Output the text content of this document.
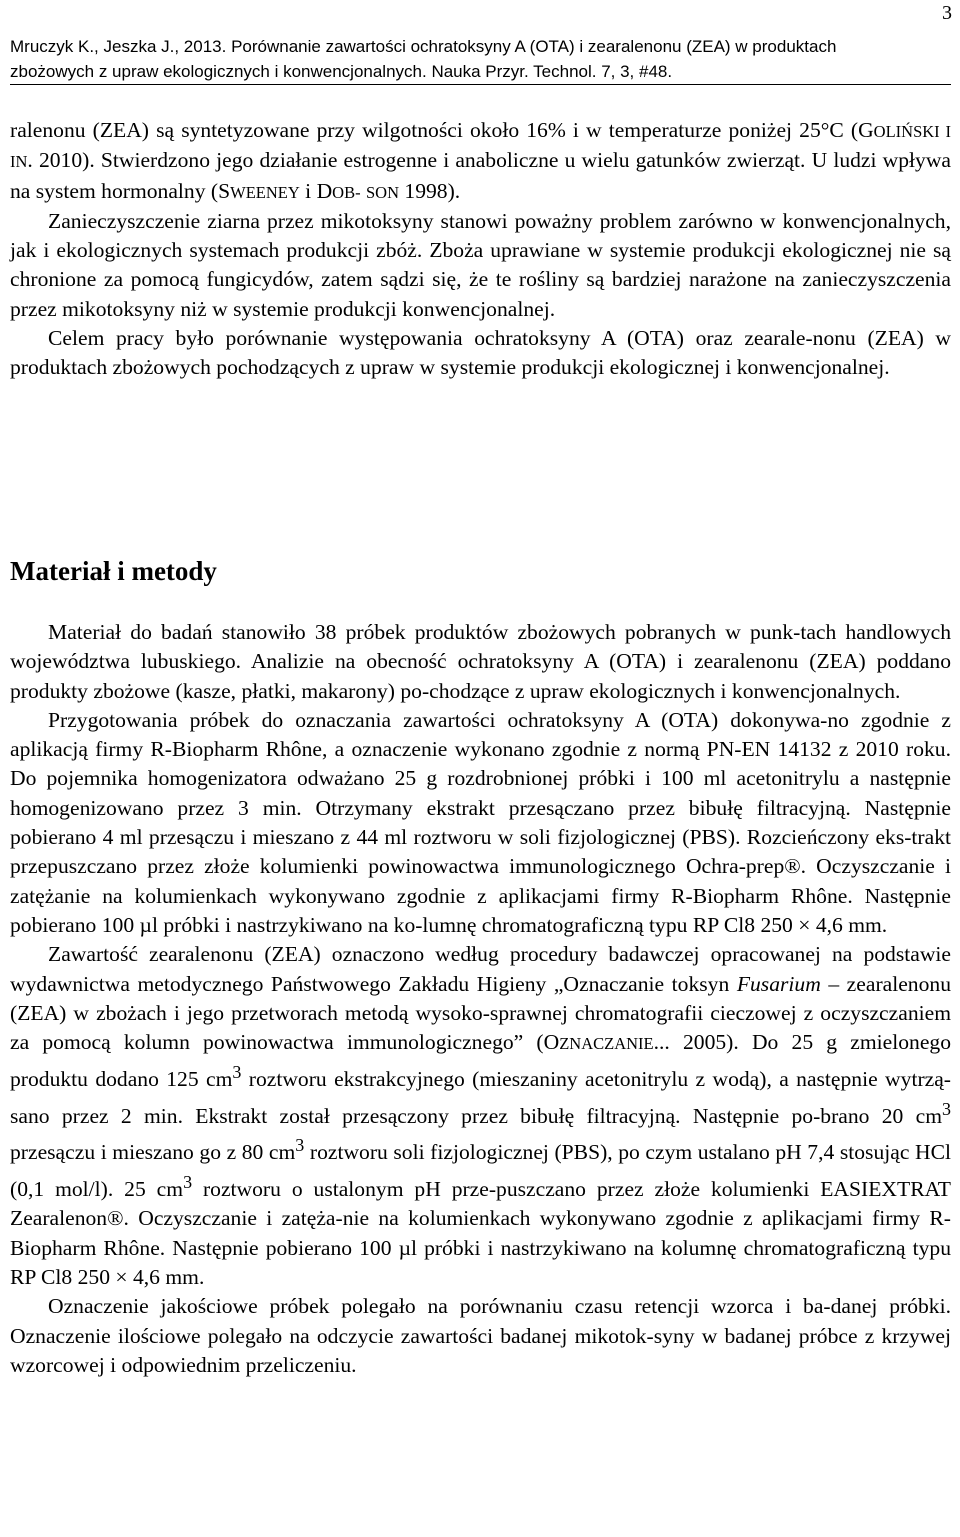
Mruczyk K., Jeszka J., 2013. Porównanie zawartości ochratoksyny A (OTA) i zearalenonu (ZEA) w produktach
zbożowych z upraw ekologicznych i konwencjonalnych. Nauka Przyr. Technol. 7, 3, #48.
3

ralenonu (ZEA) są syntetyzowane przy wilgotności około 16% i w temperaturze poniżej 25°C (GOLIŃSKI I IN. 2010). Stwierdzono jego działanie estrogenne i anaboliczne u wielu gatunków zwierząt. U ludzi wpływa na system hormonalny (SWEENEY i DOB- SON 1998).

Zanieczyszczenie ziarna przez mikotoksyny stanowi poważny problem zarówno w konwencjonalnych, jak i ekologicznych systemach produkcji zbóż. Zboża uprawiane w systemie produkcji ekologicznej nie są chronione za pomocą fungicydów, zatem sądzi się, że te rośliny są bardziej narażone na zanieczyszczenia przez mikotoksyny niż w systemie produkcji konwencjonalnej.

Celem pracy było porównanie występowania ochratoksyny A (OTA) oraz zearale-nonu (ZEA) w produktach zbożowych pochodzących z upraw w systemie produkcji ekologicznej i konwencjonalnej.

Materiał i metody

Materiał do badań stanowiło 38 próbek produktów zbożowych pobranych w punk-tach handlowych województwa lubuskiego. Analizie na obecność ochratoksyny A (OTA) i zearalenonu (ZEA) poddano produkty zbożowe (kasze, płatki, makarony) po-chodzące z upraw ekologicznych i konwencjonalnych.

Przygotowania próbek do oznaczania zawartości ochratoksyny A (OTA) dokonywa-no zgodnie z aplikacją firmy R-Biopharm Rhône, a oznaczenie wykonano zgodnie z normą PN-EN 14132 z 2010 roku. Do pojemnika homogenizatora odważano 25 g rozdrobnionej próbki i 100 ml acetonitrylu a następnie homogenizowano przez 3 min. Otrzymany ekstrakt przesączano przez bibułę filtracyjną. Następnie pobierano 4 ml przesączu i mieszano z 44 ml roztworu w soli fizjologicznej (PBS). Rozcieńczony eks-trakt przepuszczano przez złoże kolumienki powinowactwa immunologicznego Ochra-prep®. Oczyszczanie i zatężanie na kolumienkach wykonywano zgodnie z aplikacjami firmy R-Biopharm Rhône. Następnie pobierano 100 µl próbki i nastrzykiwano na ko-lumnę chromatograficzną typu RP Cl8 250 × 4,6 mm.

Zawartość zearalenonu (ZEA) oznaczono według procedury badawczej opracowanej na podstawie wydawnictwa metodycznego Państwowego Zakładu Higieny „Oznaczanie toksyn Fusarium – zearalenonu (ZEA) w zbożach i jego przetworach metodą wysoko-sprawnej chromatografii cieczowej z oczyszczaniem za pomocą kolumn powinowactwa immunologicznego” (OZNACZANIE... 2005). Do 25 g zmielonego produktu dodano 125 $cm^3$ roztworu ekstrakcyjnego (mieszaniny acetonitrylu z wodą), a następnie wytrzą-sano przez 2 min. Ekstrakt został przesączony przez bibułę filtracyjną. Następnie po-brano 20 $cm^3$ przesączu i mieszano go z 80 $cm^3$ roztworu soli fizjologicznej (PBS), po czym ustalano pH 7,4 stosując HCl (0,1 mol/l). 25 $cm^3$ roztworu o ustalonym pH prze-puszczano przez złoże kolumienki EASIEXTRAT Zearalenon®. Oczyszczanie i zatęża-nie na kolumienkach wykonywano zgodnie z aplikacjami firmy R-Biopharm Rhône. Następnie pobierano 100 µl próbki i nastrzykiwano na kolumnę chromatograficzną typu RP Cl8 250 × 4,6 mm.

Oznaczenie jakościowe próbek polegało na porównaniu czasu retencji wzorca i ba-danej próbki. Oznaczenie ilościowe polegało na odczycie zawartości badanej mikotok-syny w badanej próbce z krzywej wzorcowej i odpowiednim przeliczeniu.
